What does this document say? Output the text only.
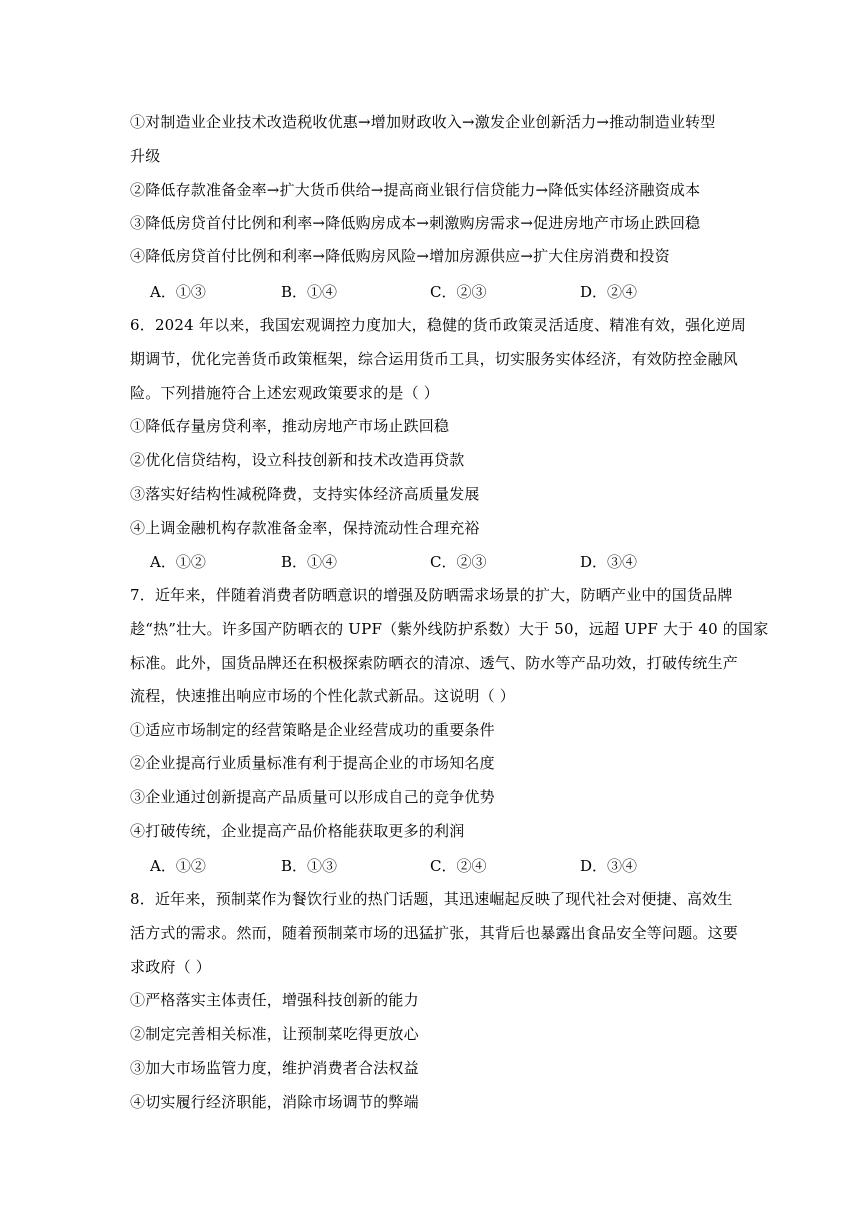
①对制造业企业技术改造税收优惠→增加财政收入→激发企业创新活力→推动制造业转型
升级
②降低存款准备金率→扩大货币供给→提高商业银行信贷能力→降低实体经济融资成本
③降低房贷首付比例和利率→降低购房成本→刺激购房需求→促进房地产市场止跌回稳
④降低房贷首付比例和利率→降低购房风险→增加房源供应→扩大住房消费和投资
A．①③	B．①④	C．②③	D．②④
6．2024 年以来，我国宏观调控力度加大，稳健的货币政策灵活适度、精准有效，强化逆周
期调节，优化完善货币政策框架，综合运用货币工具，切实服务实体经济，有效防控金融风
险。下列措施符合上述宏观政策要求的是（ ）
①降低存量房贷利率，推动房地产市场止跌回稳
②优化信贷结构，设立科技创新和技术改造再贷款
③落实好结构性减税降费，支持实体经济高质量发展
④上调金融机构存款准备金率，保持流动性合理充裕
A．①②	B．①④	C．②③	D．③④
7．近年来，伴随着消费者防晒意识的增强及防晒需求场景的扩大，防晒产业中的国货品牌
趁“热”壮大。许多国产防晒衣的 UPF（紫外线防护系数）大于 50，远超 UPF 大于 40 的国家
标准。此外，国货品牌还在积极探索防晒衣的清凉、透气、防水等产品功效，打破传统生产
流程，快速推出响应市场的个性化款式新品。这说明（ ）
①适应市场制定的经营策略是企业经营成功的重要条件
②企业提高行业质量标准有利于提高企业的市场知名度
③企业通过创新提高产品质量可以形成自己的竞争优势
④打破传统，企业提高产品价格能获取更多的利润
A．①②	B．①③	C．②④	D．③④
8．近年来，预制菜作为餐饮行业的热门话题，其迅速崛起反映了现代社会对便捷、高效生
活方式的需求。然而，随着预制菜市场的迅猛扩张，其背后也暴露出食品安全等问题。这要
求政府（ ）
①严格落实主体责任，增强科技创新的能力
②制定完善相关标准，让预制菜吃得更放心
③加大市场监管力度，维护消费者合法权益
④切实履行经济职能，消除市场调节的弊端
